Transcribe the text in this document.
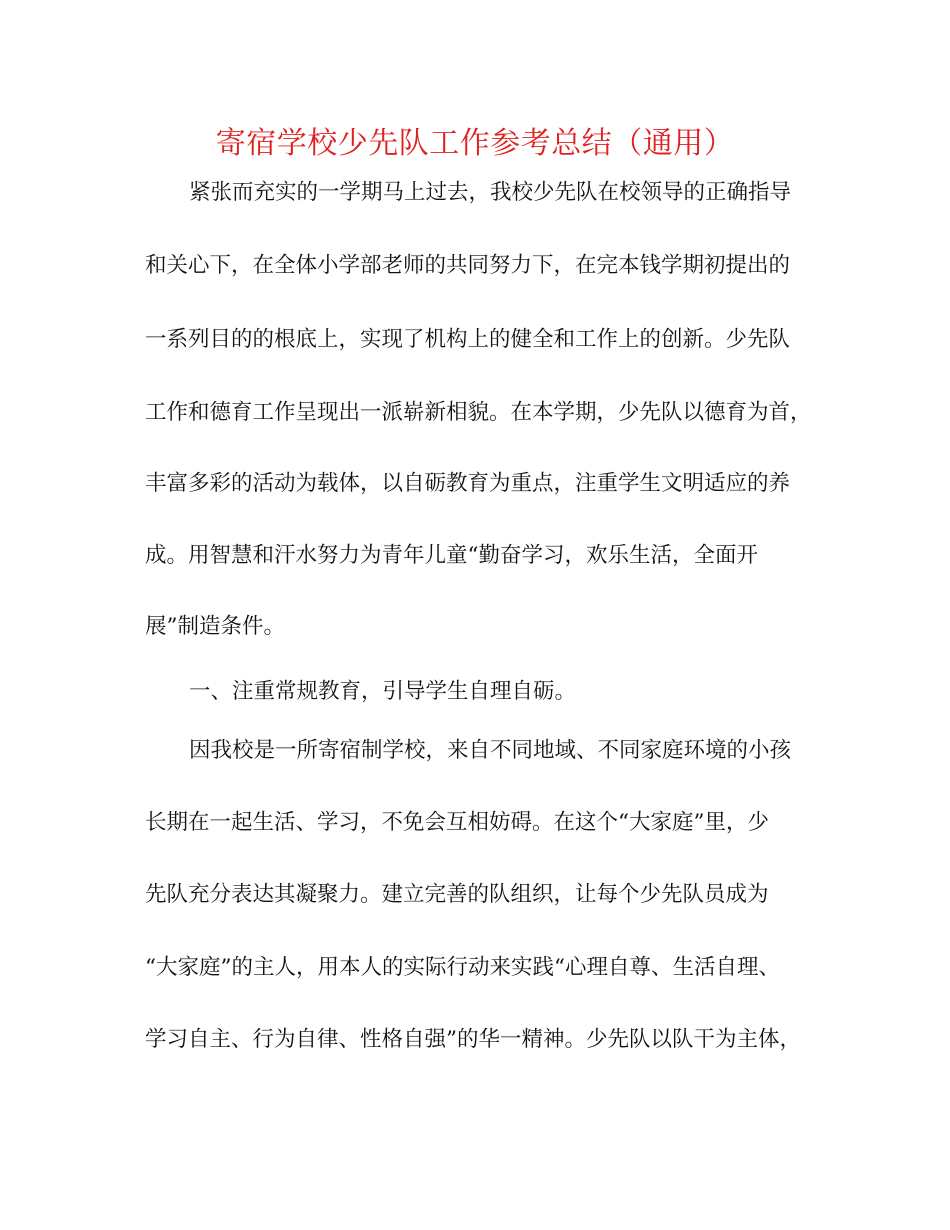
寄宿学校少先队工作参考总结（通用）

紧张而充实的一学期马上过去，我校少先队在校领导的正确指导

和关心下，在全体小学部老师的共同努力下，在完本钱学期初提出的

一系列目的的根底上，实现了机构上的健全和工作上的创新。少先队

工作和德育工作呈现出一派崭新相貌。在本学期，少先队以德育为首，

丰富多彩的活动为载体，以自砺教育为重点，注重学生文明适应的养

成。用智慧和汗水努力为青年儿童“勤奋学习，欢乐生活，全面开

展”制造条件。

一、注重常规教育，引导学生自理自砺。

因我校是一所寄宿制学校，来自不同地域、不同家庭环境的小孩

长期在一起生活、学习，不免会互相妨碍。在这个“大家庭”里，少

先队充分表达其凝聚力。建立完善的队组织，让每个少先队员成为

“大家庭”的主人，用本人的实际行动来实践“心理自尊、生活自理、

学习自主、行为自律、性格自强”的华一精神。少先队以队干为主体，
